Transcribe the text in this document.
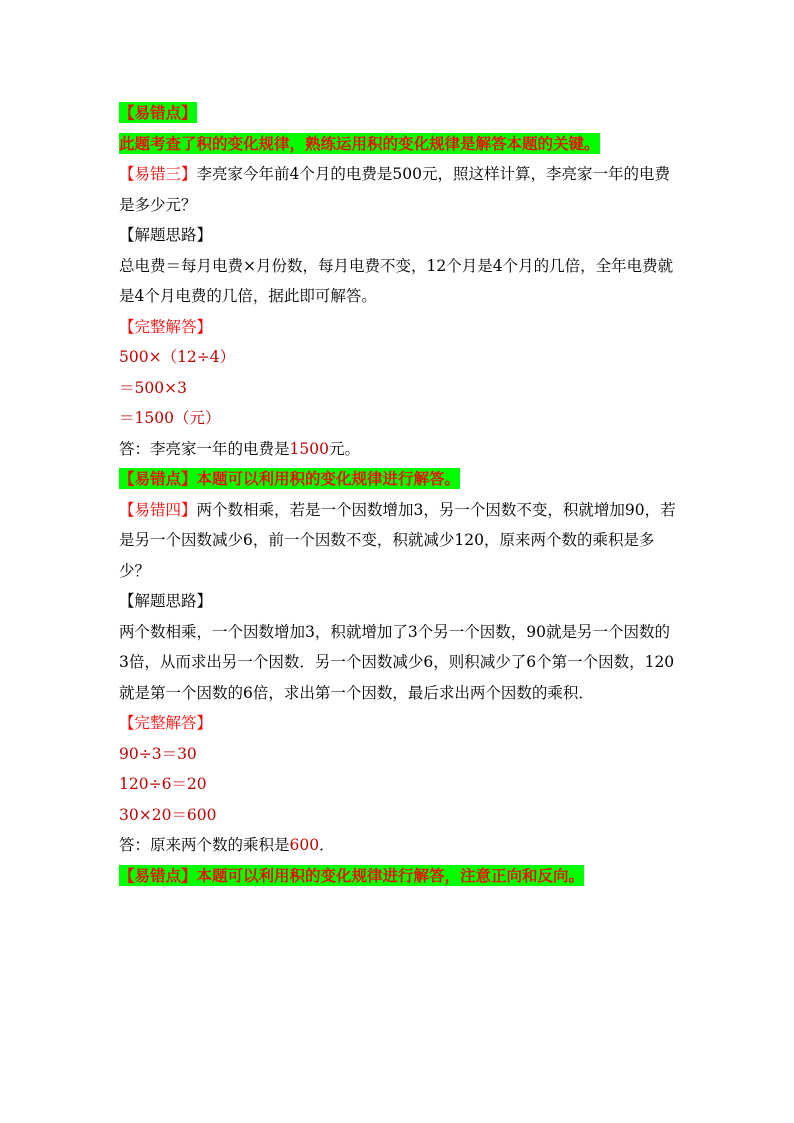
【易错点】

此题考查了积的变化规律，熟练运用积的变化规律是解答本题的关键。

【易错三】李亮家今年前4个月的电费是500元，照这样计算，李亮家一年的电费是多少元？

【解题思路】

总电费＝每月电费×月份数，每月电费不变，12个月是4个月的几倍，全年电费就是4个月电费的几倍，据此即可解答。

【完整解答】

500×（12÷4）

＝500×3

＝1500（元）

答：李亮家一年的电费是1500元。

【易错点】本题可以利用积的变化规律进行解答。

【易错四】两个数相乘，若是一个因数增加3，另一个因数不变，积就增加90，若是另一个因数减少6，前一个因数不变，积就减少120，原来两个数的乘积是多少？

【解题思路】

两个数相乘，一个因数增加3，积就增加了3个另一个因数，90就是另一个因数的3倍，从而求出另一个因数．另一个因数减少6，则积减少了6个第一个因数，120就是第一个因数的6倍，求出第一个因数，最后求出两个因数的乘积．

【完整解答】

90÷3＝30

120÷6＝20

30×20＝600

答：原来两个数的乘积是600．

【易错点】本题可以利用积的变化规律进行解答，注意正向和反向。
